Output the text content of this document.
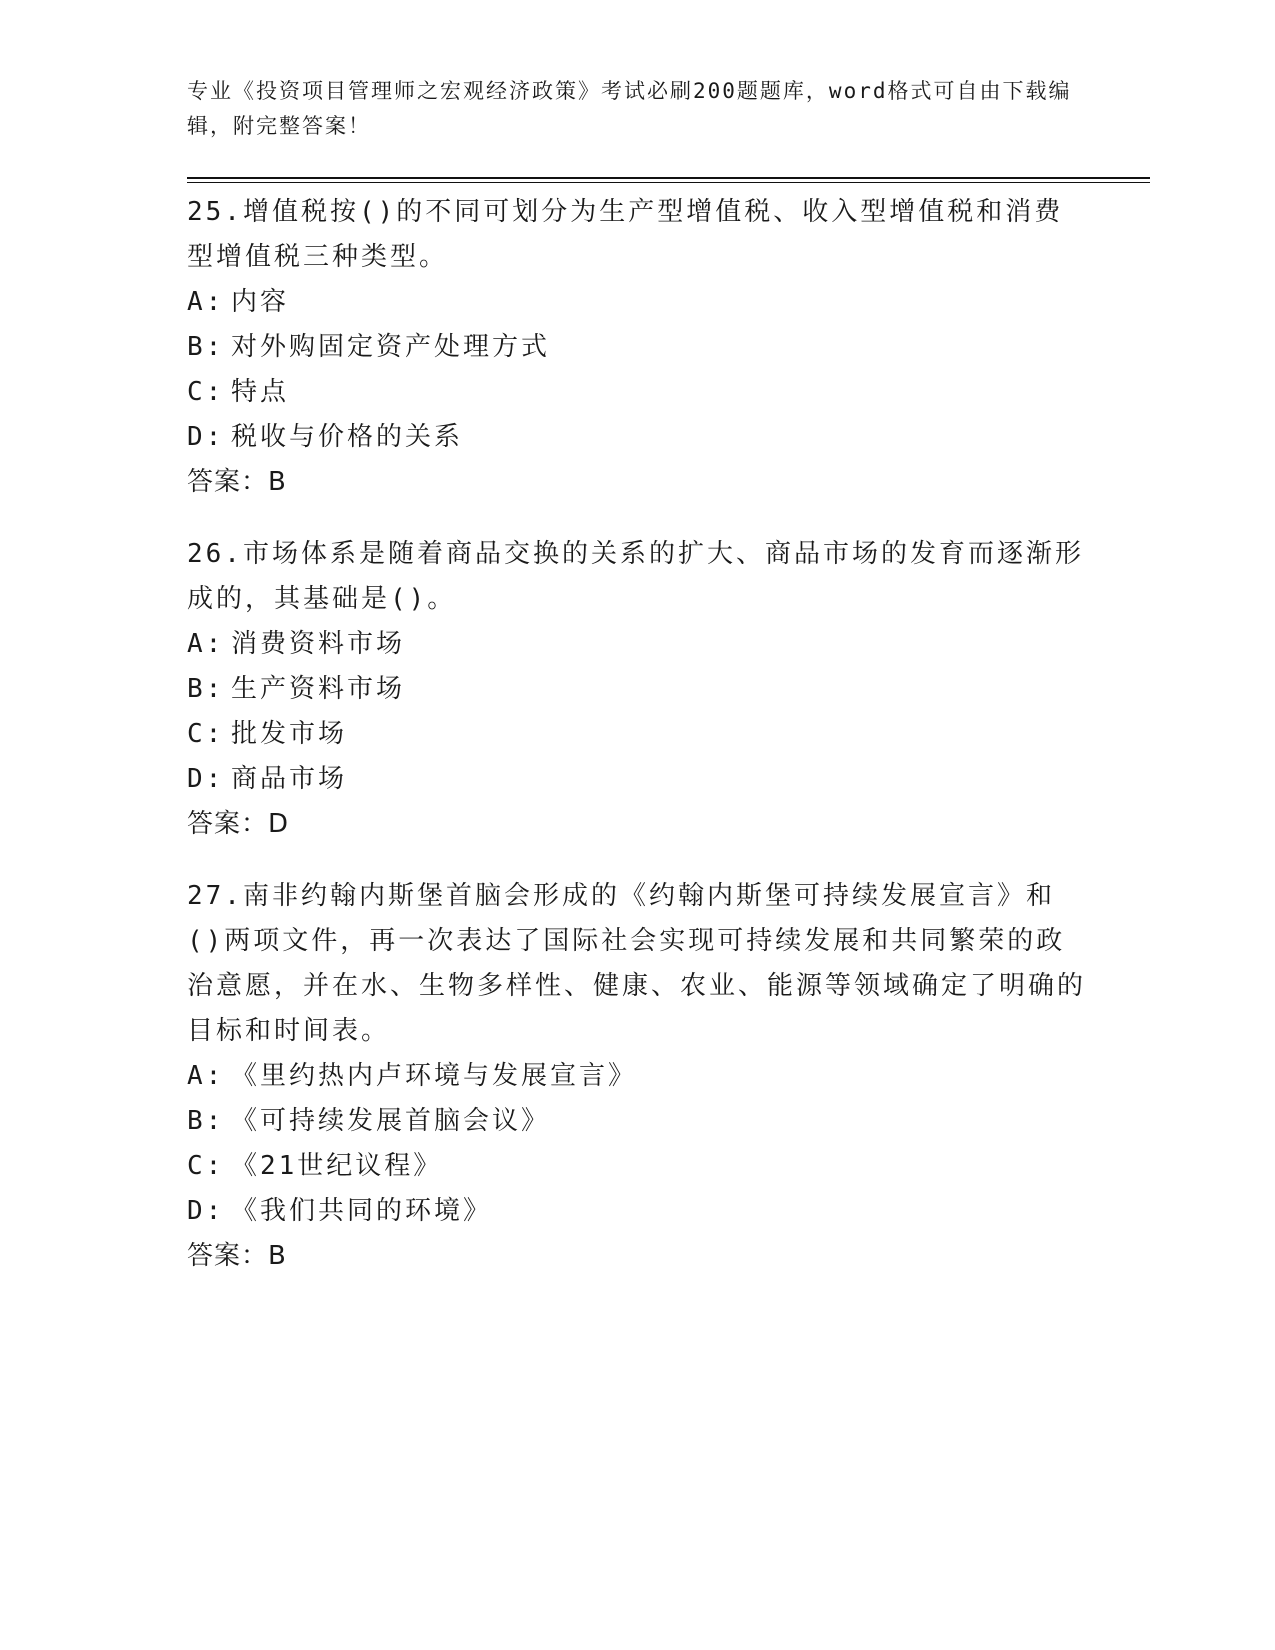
专业《投资项目管理师之宏观经济政策》考试必刷200题题库，word格式可自由下载编辑，附完整答案！

25.增值税按()的不同可划分为生产型增值税、收入型增值税和消费型增值税三种类型。

A: 内容

B: 对外购固定资产处理方式

C: 特点

D: 税收与价格的关系

答案：B

26.市场体系是随着商品交换的关系的扩大、商品市场的发育而逐渐形成的，其基础是()。

A: 消费资料市场

B: 生产资料市场

C: 批发市场

D: 商品市场

答案：D

27.南非约翰内斯堡首脑会形成的《约翰内斯堡可持续发展宣言》和()两项文件，再一次表达了国际社会实现可持续发展和共同繁荣的政治意愿，并在水、生物多样性、健康、农业、能源等领域确定了明确的目标和时间表。

A: 《里约热内卢环境与发展宣言》

B: 《可持续发展首脑会议》

C: 《21世纪议程》

D: 《我们共同的环境》

答案：B
